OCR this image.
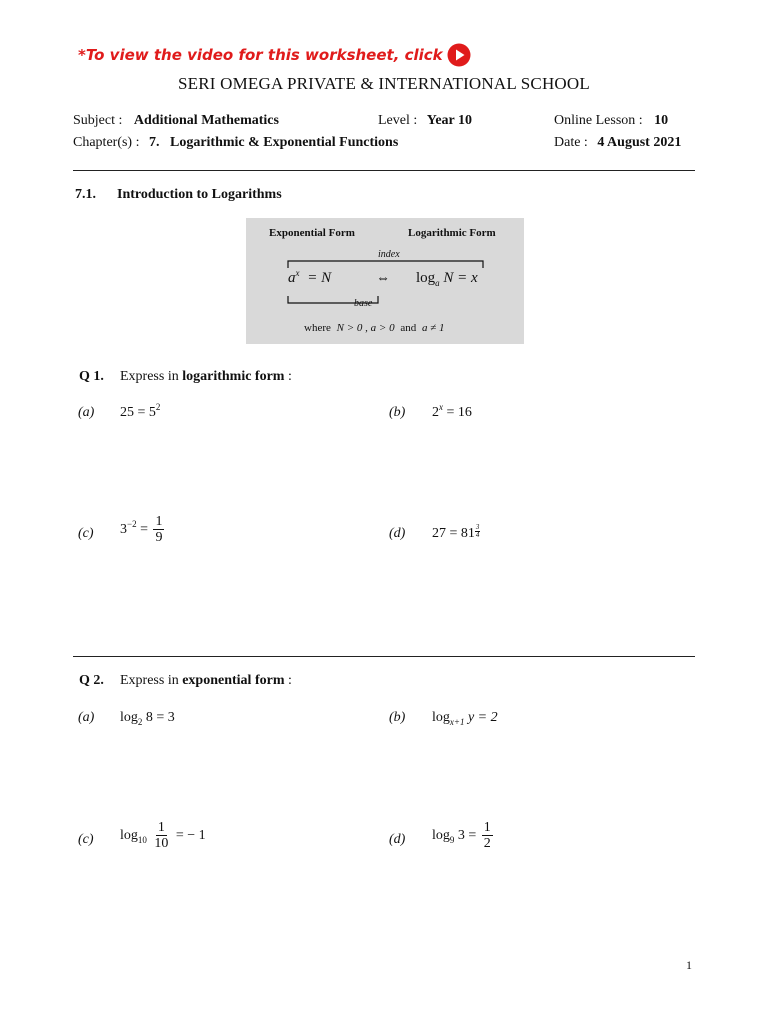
*To view the video for this worksheet, click
SERI OMEGA PRIVATE & INTERNATIONAL SCHOOL
Subject : Additional Mathematics	Level : Year 10	Online Lesson : 10
Chapter(s) : 7.   Logarithmic & Exponential Functions	Date : 4 August 2021
7.1. Introduction to Logarithms
Exponential Form	Logarithmic Form
index
$a^x = N$	⇔ $\log_a N = x$
base
where N > 0 , a > 0 and a ≠ 1
Q 1. Express in logarithmic form :
(a) $25 = 5^2$	(b) $2^x = 16$
(c) $3^{-2} = \frac{1}{9}$	(d) $27 = 81 \frac{3}{4}$
Q 2. Express in exponential form :
(a) $\log_2 8 = 3$	(b) $\log_{x+1} y = 2$
(c) $\log_{10} \frac{1}{10}$ = − 1	(d) $\log_9 3 = \frac{1}{2}$
1
